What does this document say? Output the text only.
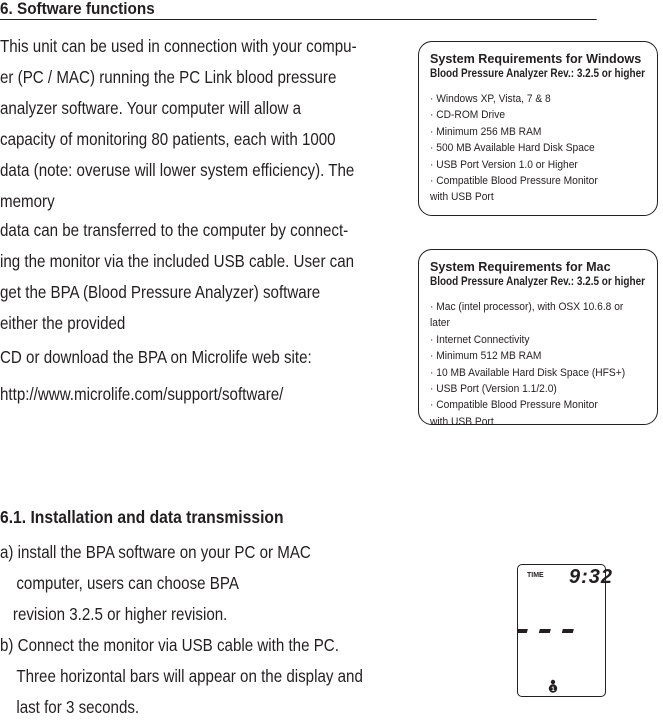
6. Software functions
This unit can be used in connection with your compu-
er (PC / MAC) running the PC Link blood pressure
analyzer software. Your computer will allow a
capacity of monitoring 80 patients, each with 1000
data (note: overuse will lower system efficiency). The
memory
data can be transferred to the computer by connect-
ing the monitor via the included USB cable. User can
get the BPA (Blood Pressure Analyzer) software
either the provided
CD or download the BPA on Microlife web site:
http://www.microlife.com/support/software/
System Requirements for Windows
Blood Pressure Analyzer Rev.: 3.2.5 or higher
· Windows XP, Vista, 7 & 8
· CD-ROM Drive
· Minimum 256 MB RAM
· 500 MB Available Hard Disk Space
· USB Port Version 1.0 or Higher
· Compatible Blood Pressure Monitor
with USB Port
System Requirements for Mac
Blood Pressure Analyzer Rev.: 3.2.5 or higher
· Mac (intel processor), with OSX 10.6.8 or later
· Internet Connectivity
· Minimum 512 MB RAM
· 10 MB Available Hard Disk Space (HFS+)
· USB Port (Version 1.1/2.0)
· Compatible Blood Pressure Monitor
with USB Port
6.1. Installation and data transmission
a) install the BPA software on your PC or MAC
computer, users can choose BPA
revision 3.2.5 or higher revision.
b) Connect the monitor via USB cable with the PC.
Three horizontal bars will appear on the display and
last for 3 seconds.
TIME 9:32
1
